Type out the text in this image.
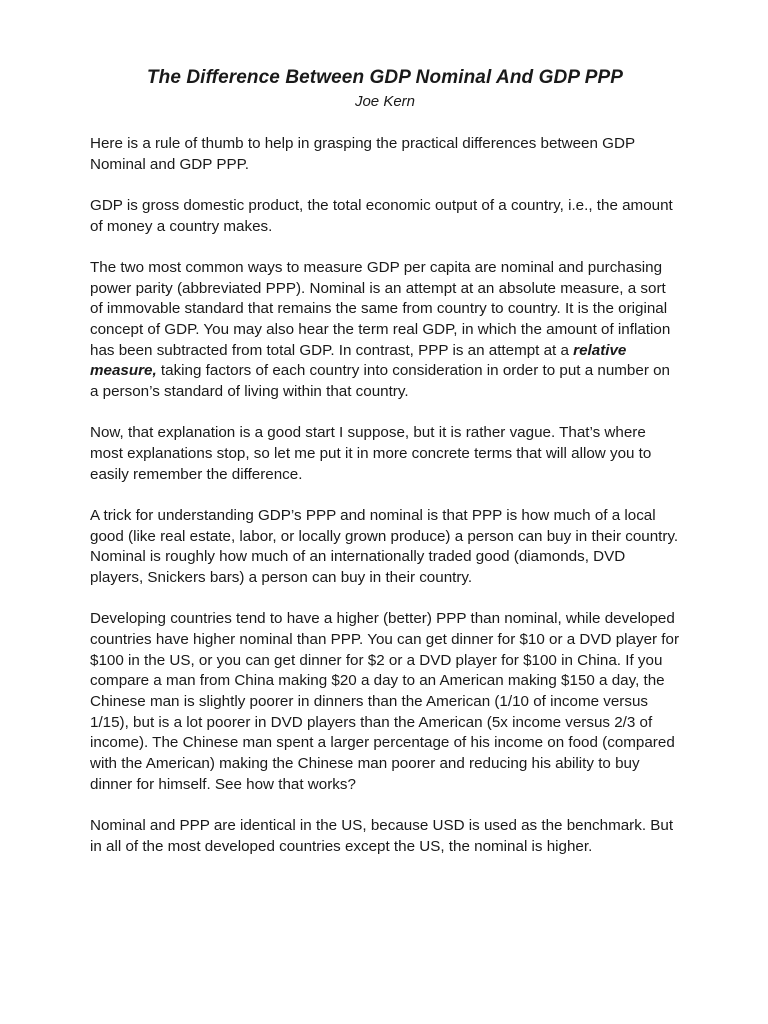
The Difference Between GDP Nominal And GDP PPP
Joe Kern

Here is a rule of thumb to help in grasping the practical differences between GDP Nominal and GDP PPP.

GDP is gross domestic product, the total economic output of a country, i.e., the amount of money a country makes.

The two most common ways to measure GDP per capita are nominal and purchasing power parity (abbreviated PPP). Nominal is an attempt at an absolute measure, a sort of immovable standard that remains the same from country to country. It is the original concept of GDP. You may also hear the term real GDP, in which the amount of inflation has been subtracted from total GDP. In contrast, PPP is an attempt at a relative measure, taking factors of each country into consideration in order to put a number on a person’s standard of living within that country.

Now, that explanation is a good start I suppose, but it is rather vague. That’s where most explanations stop, so let me put it in more concrete terms that will allow you to easily remember the difference.

A trick for understanding GDP’s PPP and nominal is that PPP is how much of a local good (like real estate, labor, or locally grown produce) a person can buy in their country. Nominal is roughly how much of an internationally traded good (diamonds, DVD players, Snickers bars) a person can buy in their country.

Developing countries tend to have a higher (better) PPP than nominal, while developed countries have higher nominal than PPP. You can get dinner for $10 or a DVD player for $100 in the US, or you can get dinner for $2 or a DVD player for $100 in China. If you compare a man from China making $20 a day to an American making $150 a day, the Chinese man is slightly poorer in dinners than the American (1/10 of income versus 1/15), but is a lot poorer in DVD players than the American (5x income versus 2/3 of income). The Chinese man spent a larger percentage of his income on food (compared with the American) making the Chinese man poorer and reducing his ability to buy dinner for himself. See how that works?

Nominal and PPP are identical in the US, because USD is used as the benchmark. But in all of the most developed countries except the US, the nominal is higher.
